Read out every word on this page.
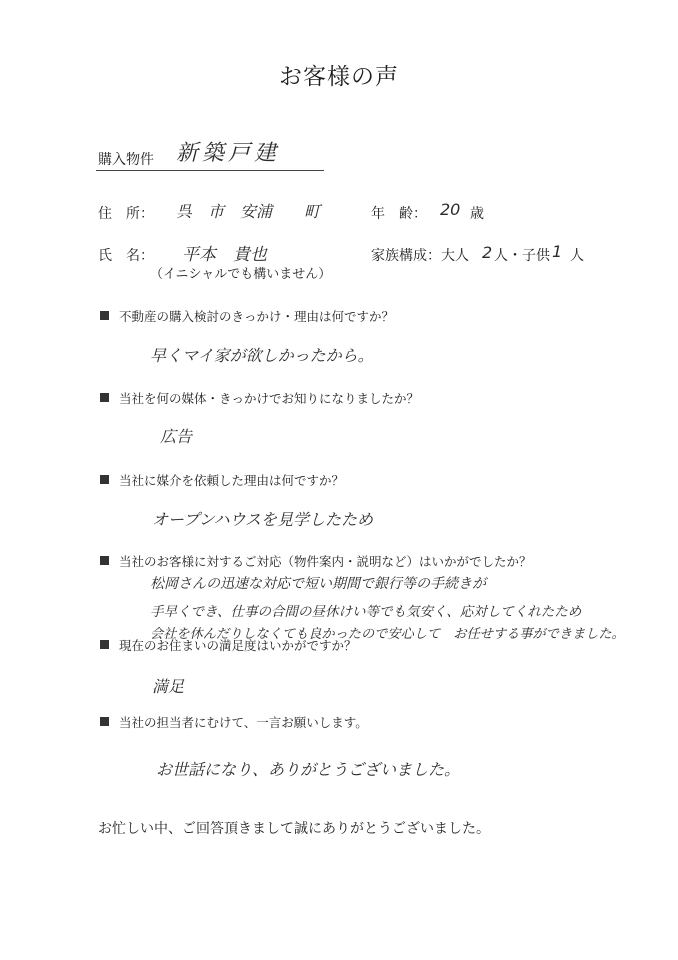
お客様の声
購入物件 新築戸建
住　所： 呉　市　安浦　　町	年　齢： 20 歳
氏　名： 平本　貴也
（イニシャルでも構いません）
家族構成：大人 2 人・子供 1 人
不動産の購入検討のきっかけ・理由は何ですか？
早くマイ家が欲しかったから。
当社を何の媒体・きっかけでお知りになりましたか？
広告
当社に媒介を依頼した理由は何ですか？
オープンハウスを見学したため
当社のお客様に対するご対応（物件案内・説明など）はいかがでしたか？
松岡さんの迅速な対応で短い期間で銀行等の手続きが
手早くでき、仕事の合間の昼休けい等でも気安く、応対してくれたため
会社を休んだりしなくても良かったので安心して　お任せする事ができました。
現在のお住まいの満足度はいかがですか？
満足
当社の担当者にむけて、一言お願いします。
お世話になり、ありがとうございました。
お忙しい中、ご回答頂きまして誠にありがとうございました。
